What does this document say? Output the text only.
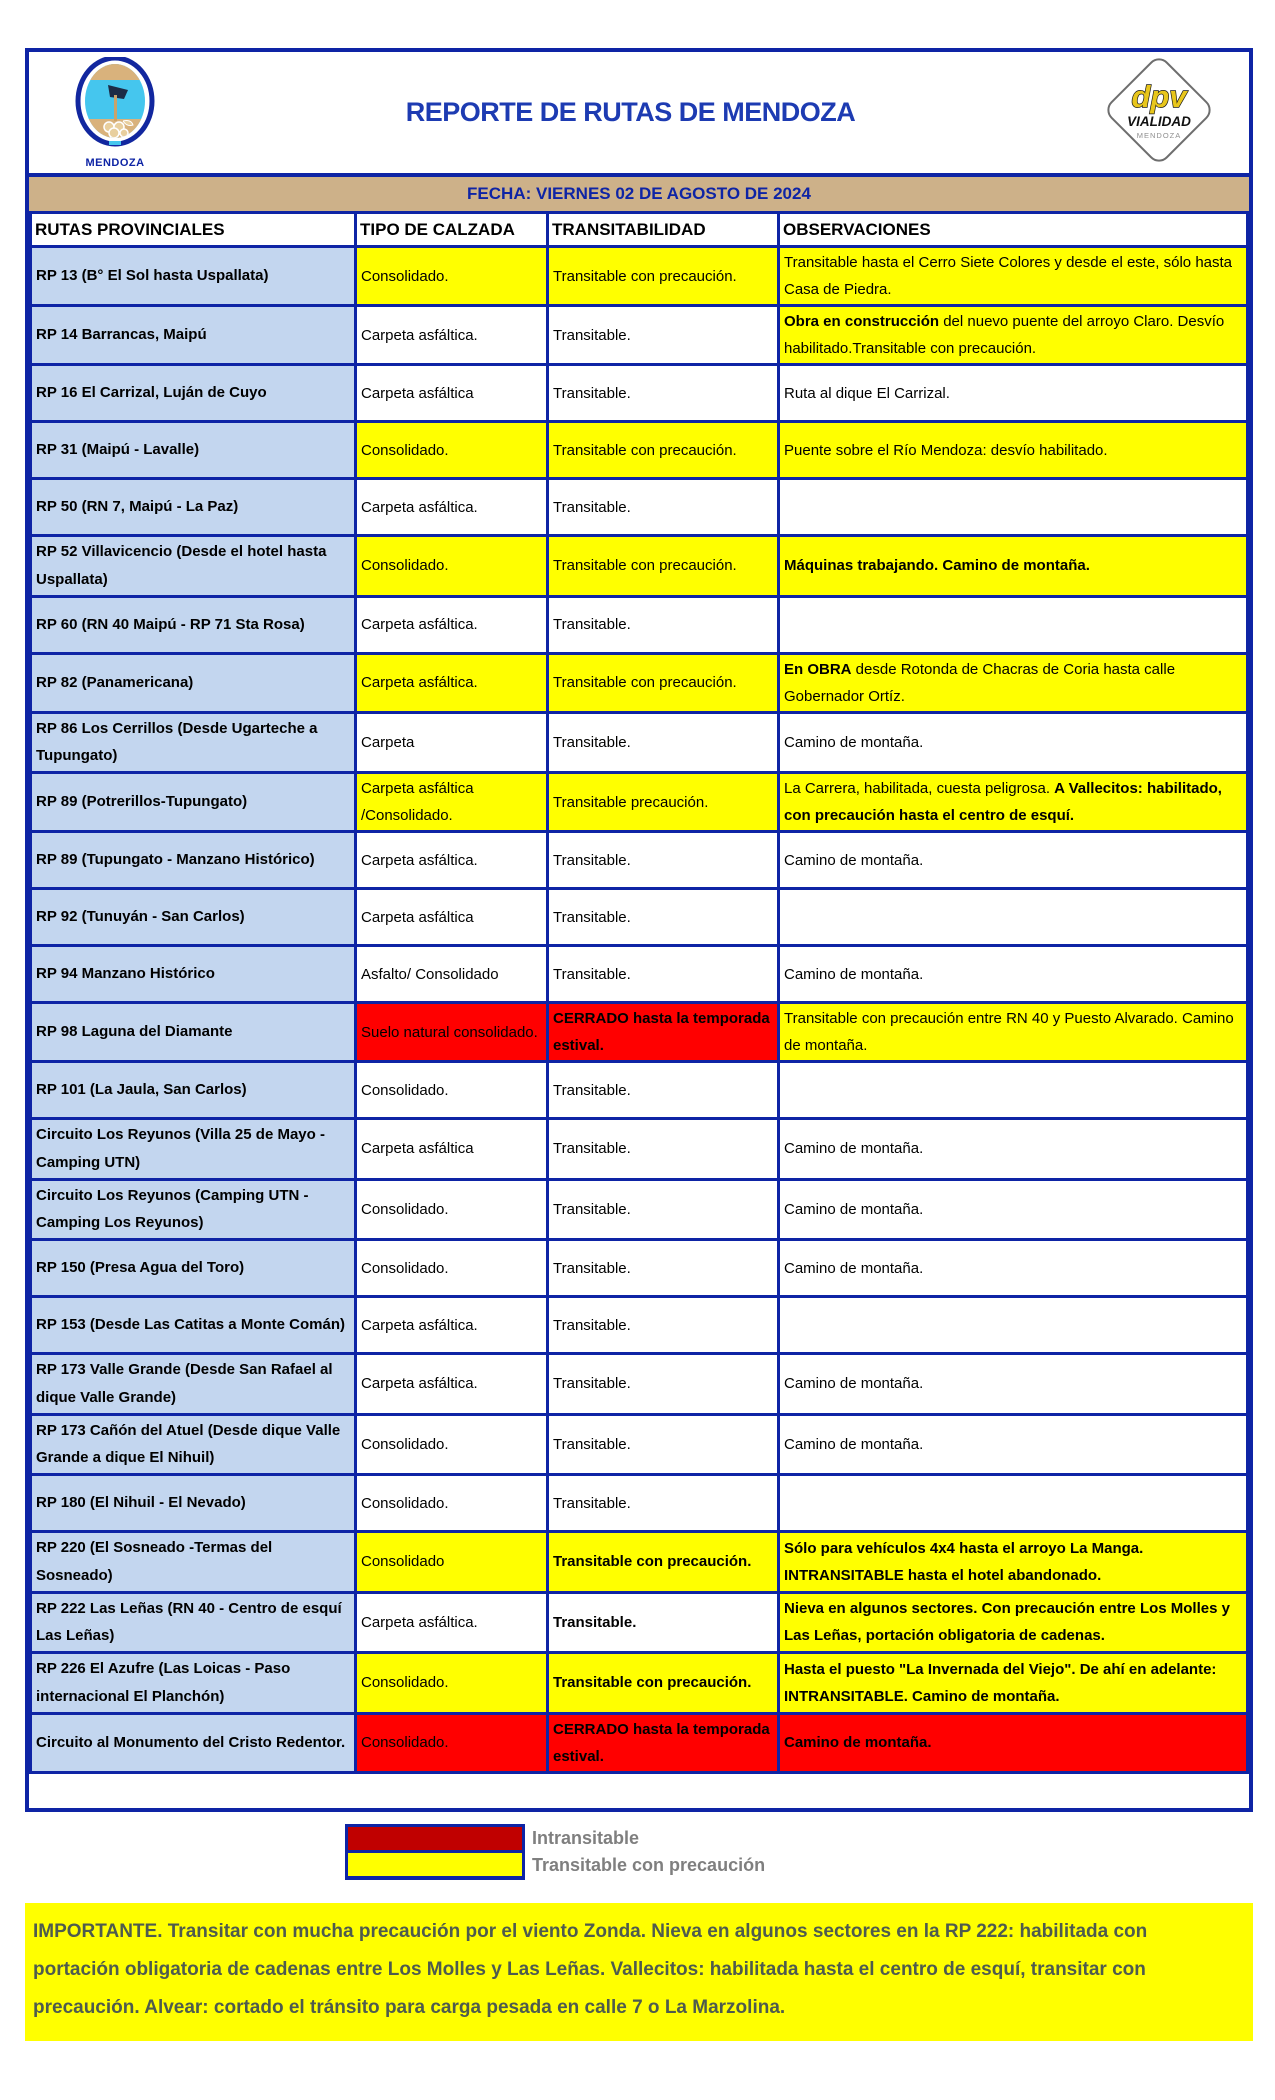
MENDOZA
REPORTE DE RUTAS DE MENDOZA	dpv
VIALIDAD
MENDOZA
FECHA: VIERNES 02 DE AGOSTO DE 2024
RUTAS PROVINCIALES	TIPO DE CALZADA	TRANSITABILIDAD	OBSERVACIONES
RP 13 (B° El Sol hasta Uspallata)	Consolidado.	Transitable con precaución.	Transitable hasta el Cerro Siete Colores y desde el este, sólo hasta Casa de Piedra.
RP 14 Barrancas, Maipú	Carpeta asfáltica.	Transitable.	Obra en construcción del nuevo puente del arroyo Claro. Desvío habilitado.Transitable con precaución.
RP 16 El Carrizal, Luján de Cuyo	Carpeta asfáltica	Transitable.	Ruta al dique El Carrizal.
RP 31 (Maipú - Lavalle)	Consolidado.	Transitable con precaución.	Puente sobre el Río Mendoza: desvío habilitado.
RP 50 (RN 7, Maipú - La Paz)	Carpeta asfáltica.	Transitable.	
RP 52 Villavicencio (Desde el hotel hasta Uspallata)	Consolidado.	Transitable con precaución.	Máquinas trabajando. Camino de montaña.
RP 60 (RN 40 Maipú - RP 71 Sta Rosa)	Carpeta asfáltica.	Transitable.	
RP 82 (Panamericana)	Carpeta asfáltica.	Transitable con precaución.	En OBRA desde Rotonda de Chacras de Coria hasta calle Gobernador Ortíz.
RP 86 Los Cerrillos (Desde Ugarteche a Tupungato)	Carpeta	Transitable.	Camino de montaña.
RP 89 (Potrerillos-Tupungato)	Carpeta asfáltica /Consolidado.	Transitable precaución.	La Carrera, habilitada, cuesta peligrosa. A Vallecitos: habilitado, con precaución hasta el centro de esquí.
RP 89 (Tupungato - Manzano Histórico)	Carpeta asfáltica.	Transitable.	Camino de montaña.
RP 92 (Tunuyán - San Carlos)	Carpeta asfáltica	Transitable.	
RP 94 Manzano Histórico	Asfalto/ Consolidado	Transitable.	Camino de montaña.
RP 98 Laguna del Diamante	Suelo natural consolidado.	CERRADO hasta la temporada estival.	Transitable con precaución entre RN 40 y Puesto Alvarado. Camino de montaña.
RP 101 (La Jaula, San Carlos)	Consolidado.	Transitable.	
Circuito Los Reyunos (Villa 25 de Mayo - Camping UTN)	Carpeta asfáltica	Transitable.	Camino de montaña.
Circuito Los Reyunos (Camping UTN - Camping Los Reyunos)	Consolidado.	Transitable.	Camino de montaña.
RP 150 (Presa Agua del Toro)	Consolidado.	Transitable.	Camino de montaña.
RP 153 (Desde Las Catitas a Monte Comán)	Carpeta asfáltica.	Transitable.	
RP 173 Valle Grande (Desde San Rafael al dique Valle Grande)	Carpeta asfáltica.	Transitable.	Camino de montaña.
RP 173 Cañón del Atuel (Desde dique Valle Grande a dique El Nihuil)	Consolidado.	Transitable.	Camino de montaña.
RP 180 (El Nihuil - El Nevado)	Consolidado.	Transitable.	
RP 220 (El Sosneado -Termas del Sosneado)	Consolidado	Transitable con precaución.	Sólo para vehículos 4x4 hasta el arroyo La Manga. INTRANSITABLE hasta el hotel abandonado.
RP 222 Las Leñas (RN 40 - Centro de esquí Las Leñas)	Carpeta asfáltica.	Transitable.	Nieva en algunos sectores. Con precaución entre Los Molles y Las Leñas, portación obligatoria de cadenas.
RP 226 El Azufre (Las Loicas - Paso internacional El Planchón)	Consolidado.	Transitable con precaución.	Hasta el puesto "La Invernada del Viejo". De ahí en adelante: INTRANSITABLE. Camino de montaña.
Circuito al Monumento del Cristo Redentor.	Consolidado.	CERRADO hasta la temporada estival.	Camino de montaña.
Intransitable
Transitable con precaución
IMPORTANTE. Transitar con mucha precaución por el viento Zonda. Nieva en algunos sectores en la RP 222: habilitada con portación obligatoria de cadenas entre Los Molles y Las Leñas. Vallecitos: habilitada hasta el centro de esquí, transitar con precaución. Alvear: cortado el tránsito para carga pesada en calle 7 o La Marzolina.
